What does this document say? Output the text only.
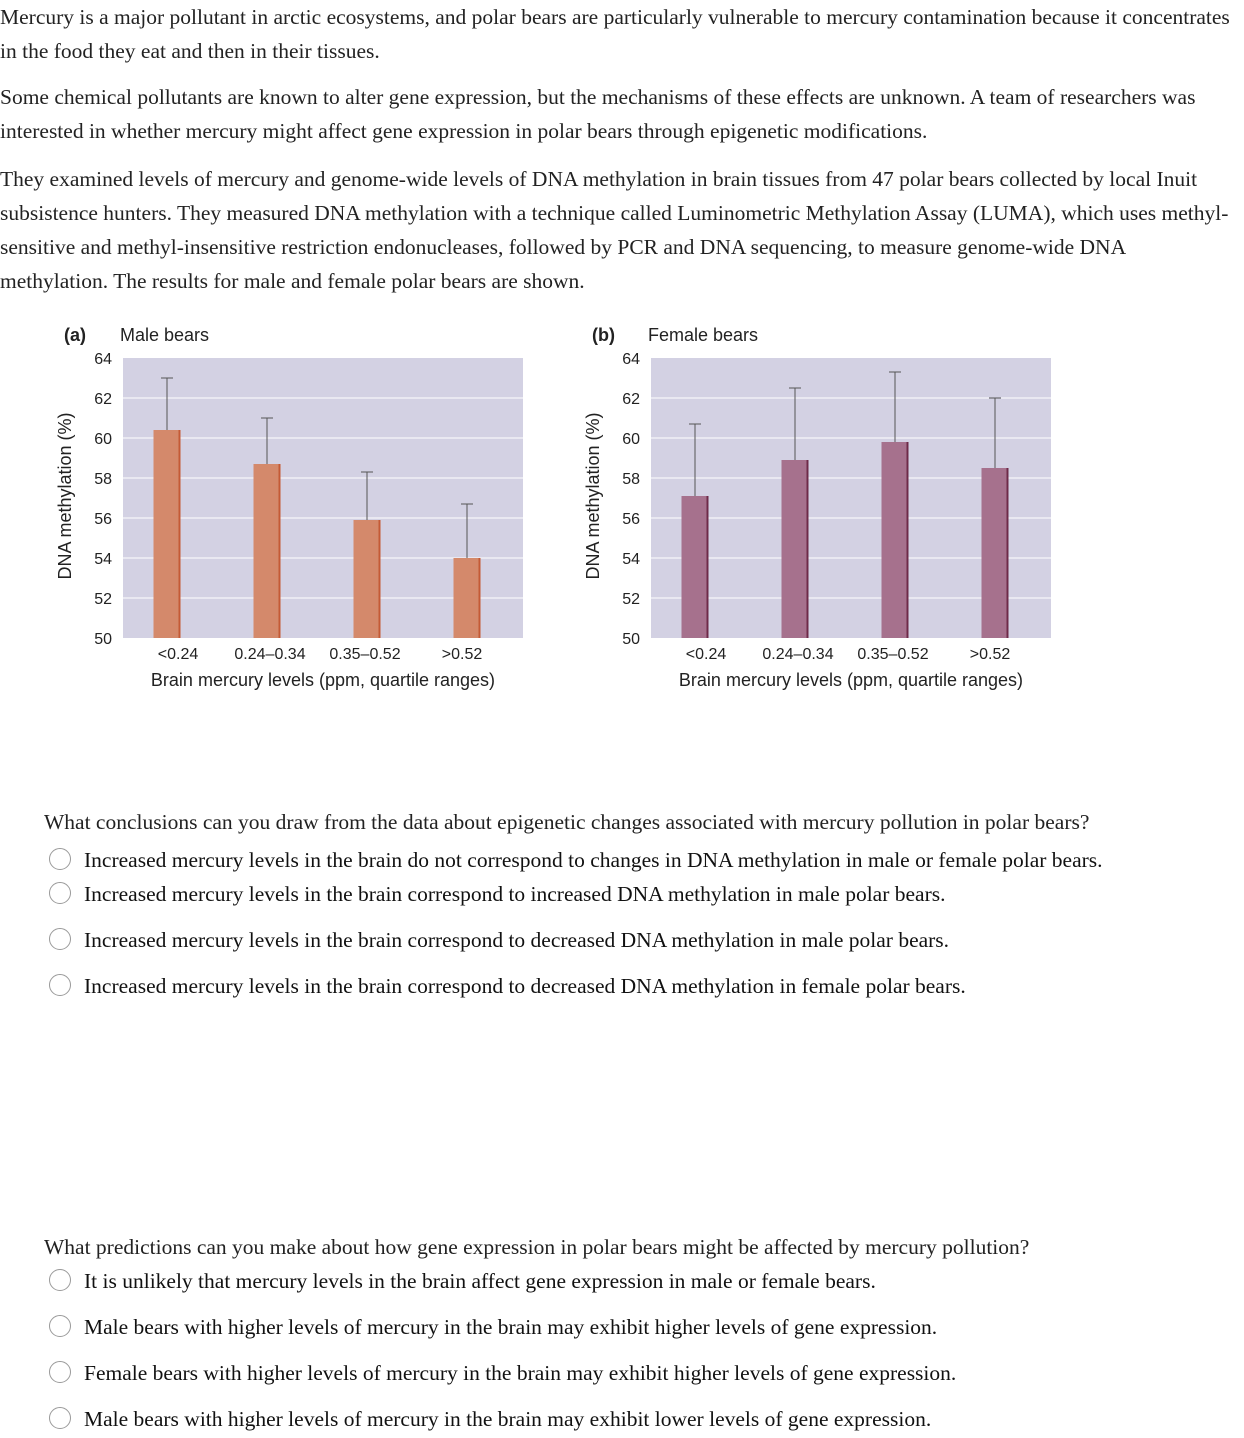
Mercury is a major pollutant in arctic ecosystems, and polar bears are particularly vulnerable to mercury contamination because it concentrates in the food they eat and then in their tissues.

Some chemical pollutants are known to alter gene expression, but the mechanisms of these effects are unknown. A team of researchers was interested in whether mercury might affect gene expression in polar bears through epigenetic modifications.

They examined levels of mercury and genome-wide levels of DNA methylation in brain tissues from 47 polar bears collected by local Inuit subsistence hunters. They measured DNA methylation with a technique called Luminometric Methylation Assay (LUMA), which uses methyl-sensitive and methyl-insensitive restriction endonucleases, followed by PCR and DNA sequencing, to measure genome-wide DNA methylation. The results for male and female polar bears are shown.

50
52
54
56
58
60
62
64
<0.24 0.24–0.34 0.35–0.52	>0.52
Brain mercury levels (ppm, quartile ranges)
DNA methylation (%)
(a) Male bears
50
52
54
56
58
60
62
64
<0.24 0.24–0.34 0.35–0.52	>0.52
Brain mercury levels (ppm, quartile ranges)
DNA methylation (%)
(b) Female bears

What conclusions can you draw from the data about epigenetic changes associated with mercury pollution in polar bears?

Increased mercury levels in the brain do not correspond to changes in DNA methylation in male or female polar bears.
Increased mercury levels in the brain correspond to increased DNA methylation in male polar bears.
Increased mercury levels in the brain correspond to decreased DNA methylation in male polar bears.
Increased mercury levels in the brain correspond to decreased DNA methylation in female polar bears.

What predictions can you make about how gene expression in polar bears might be affected by mercury pollution?

It is unlikely that mercury levels in the brain affect gene expression in male or female bears.
Male bears with higher levels of mercury in the brain may exhibit higher levels of gene expression.
Female bears with higher levels of mercury in the brain may exhibit higher levels of gene expression.
Male bears with higher levels of mercury in the brain may exhibit lower levels of gene expression.
